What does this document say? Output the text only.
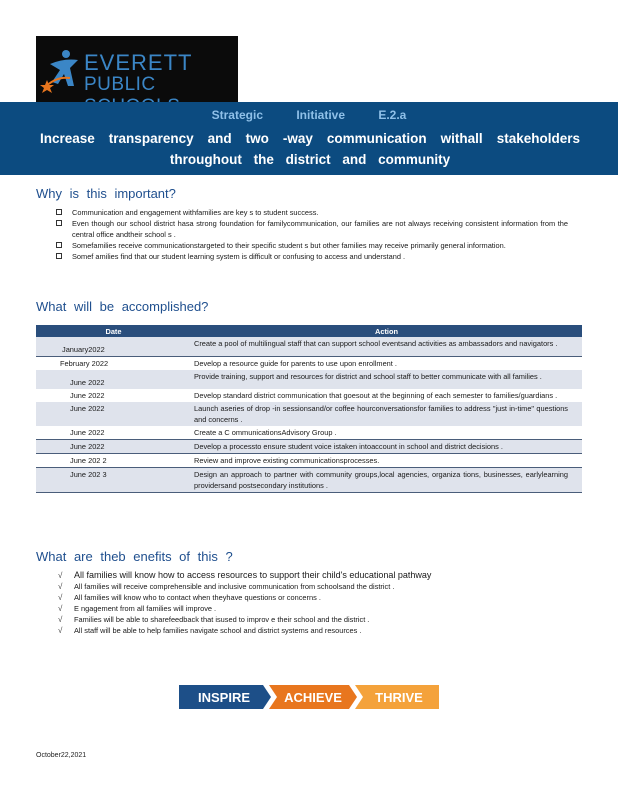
EVERETT
PUBLIC
Strategic Initiative E.2.a
Increase transparency and two -way communication withall stakeholders throughout the district and community
Why is this important?
Communication and engagement withfamilies are key s to student success.
Even though our school district hasa strong foundation for familycommunication, our families are not always receiving consistent information from the central office andtheir school s .
Somefamilies receive communicationstargeted to their specific student s but other families may receive primarily general information.
Somef amilies find that our student learning system is difficult or confusing to access and understand .
What will be accomplished?
Date	Action
January2022	Create a pool of multilingual staff that can support school eventsand activities as ambassadors and navigators .
February 2022	Develop a resource guide for parents to use upon enrollment .
June 2022	Provide training, support and resources for district and school staff to better communicate with all families .
June 2022	Develop standard district communication that goesout at the beginning of each semester to families/guardians .
June 2022	Launch aseries of drop -in sessionsand/or coffee hourconversationsfor families to address "just in-time" questions and concerns .
June 2022	Create a C ommunicationsAdvisory Group .
June 2022	Develop a processto ensure student voice istaken intoaccount in school and district decisions .
June 202 2	Review and improve existing communicationsprocesses.
June 202 3	Design an approach to partner with community groups,local agencies, organiza tions, businesses, earlylearning providersand postsecondary institutions .
What are theb enefits of this ?
√ All families will know how to access resources to support their child's educational pathway
√ All families will receive comprehensible and inclusive communication from schoolsand the district .
√ All families will know who to contact when theyhave questions or concerns .
√ E ngagement from all families will improve .
√ Families will be able to sharefeedback that isused to improv e their school and the district .
√ All staff will be able to help families navigate school and district systems and resources .
INSPIRE	ACHIEVE	THRIVE
October22,2021
